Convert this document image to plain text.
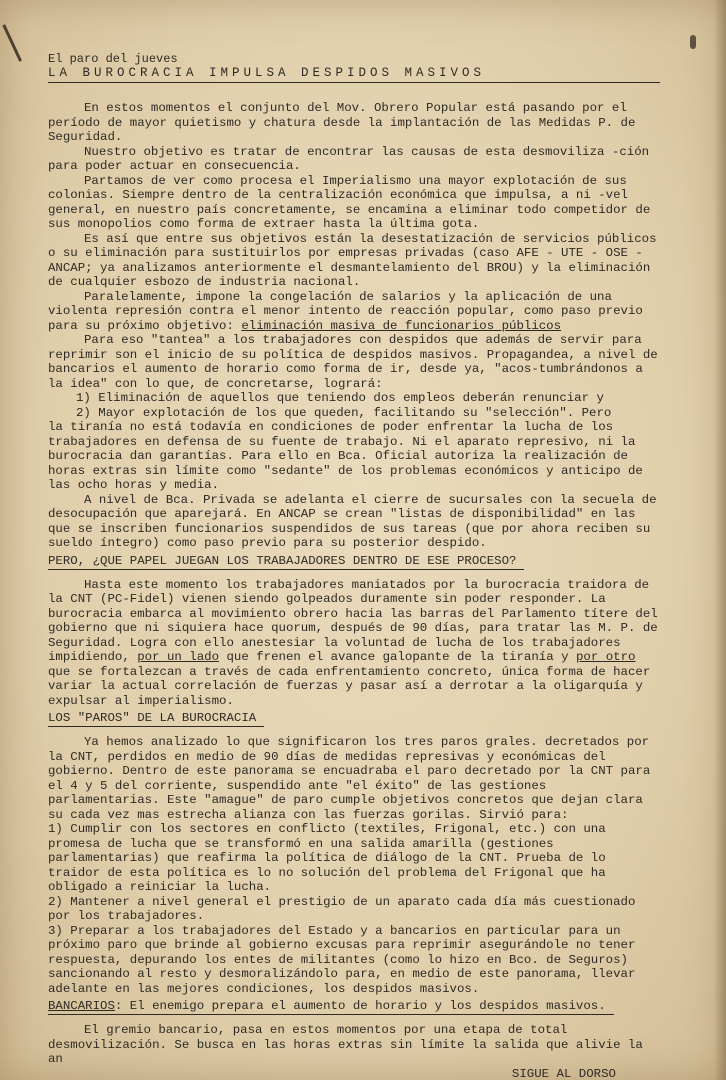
El paro del jueves
LA BUROCRACIA IMPULSA DESPIDOS MASIVOS

En estos momentos el conjunto del Mov. Obrero Popular está pasando por el período de mayor quietismo y chatura desde la implantación de las Medidas P. de Seguridad.

Nuestro objetivo es tratar de encontrar las causas de esta desmoviliza -ción para poder actuar en consecuencia.

Partamos de ver como procesa el Imperialismo una mayor explotación de sus colonias. Siempre dentro de la centralización económica que impulsa, a ni -vel general, en nuestro país concretamente, se encamina a eliminar todo competidor de sus monopolios como forma de extraer hasta la última gota.

Es así que entre sus objetivos están la desestatización de servicios públicos o su eliminación para sustituirlos por empresas privadas (caso AFE - UTE - OSE - ANCAP; ya analizamos anteriormente el desmantelamiento del BROU) y la eliminación de cualquier esbozo de industria nacional.

Paralelamente, impone la congelación de salarios y la aplicación de una violenta represión contra el menor intento de reacción popular, como paso previo para su próximo objetivo: eliminación masiva de funcionarios públicos

Para eso "tantea" a los trabajadores con despidos que además de servir para reprimir son el inicio de su política de despidos masivos. Propagandea, a nivel de bancarios el aumento de horario como forma de ir, desde ya, "acos-tumbrándonos a la idea" con lo que, de concretarse, logrará:

1) Eliminación de aquellos que teniendo dos empleos deberán renunciar y

2) Mayor explotación de los que queden, facilitando su "selección". Pero

la tiranía no está todavía en condiciones de poder enfrentar la lucha de los trabajadores en defensa de su fuente de trabajo. Ni el aparato represivo, ni la burocracia dan garantías. Para ello en Bca. Oficial autoriza la realización de horas extras sin límite como "sedante" de los problemas económicos y anticipo de las ocho horas y media.

A nivel de Bca. Privada se adelanta el cierre de sucursales con la secuela de desocupación que aparejará. En ANCAP se crean "listas de disponibilidad" en las que se inscriben funcionarios suspendidos de sus tareas (que por ahora reciben su sueldo íntegro) como paso previo para su posterior despido.

PERO, ¿QUE PAPEL JUEGAN LOS TRABAJADORES DENTRO DE ESE PROCESO?

Hasta este momento los trabajadores maniatados por la burocracia traidora de la CNT (PC-Fidel) vienen siendo golpeados duramente sin poder responder. La burocracia embarca al movimiento obrero hacia las barras del Parlamento títere del gobierno que ni siquiera hace quorum, después de 90 días, para tratar las M. P. de Seguridad. Logra con ello anestesiar la voluntad de lucha de los trabajadores impidiendo, por un lado que frenen el avance galopante de la tiranía y por otro que se fortalezcan a través de cada enfrentamiento concreto, única forma de hacer variar la actual correlación de fuerzas y pasar así a derrotar a la oligarquía y expulsar al imperialismo.

LOS "PAROS" DE LA BUROCRACIA

Ya hemos analizado lo que significaron los tres paros grales. decretados por la CNT, perdidos en medio de 90 días de medidas represivas y económicas del gobierno. Dentro de este panorama se encuadraba el paro decretado por la CNT para el 4 y 5 del corriente, suspendido ante "el éxito" de las gestiones parlamentarias. Este "amague" de paro cumple objetivos concretos que dejan clara su cada vez mas estrecha alianza con las fuerzas gorilas. Sirvió para:

1) Cumplir con los sectores en conflicto (textiles, Frigonal, etc.) con una promesa de lucha que se transformó en una salida amarilla (gestiones parlamentarias) que reafirma la política de diálogo de la CNT. Prueba de lo traidor de esta política es lo no solución del problema del Frigonal que ha obligado a reiniciar la lucha.

2) Mantener a nivel general el prestigio de un aparato cada día más cuestionado por los trabajadores.

3) Preparar a los trabajadores del Estado y a bancarios en particular para un próximo paro que brinde al gobierno excusas para reprimir asegurándole no tener respuesta, depurando los entes de militantes (como lo hizo en Bco. de Seguros) sancionando al resto y desmoralizándolo para, en medio de este panorama, llevar adelante en las mejores condiciones, los despidos masivos.

BANCARIOS: El enemigo prepara el aumento de horario y los despidos masivos.

El gremio bancario, pasa en estos momentos por una etapa de total desmovilización. Se busca en las horas extras sin límite la salida que alivie la an

SIGUE AL DORSO
